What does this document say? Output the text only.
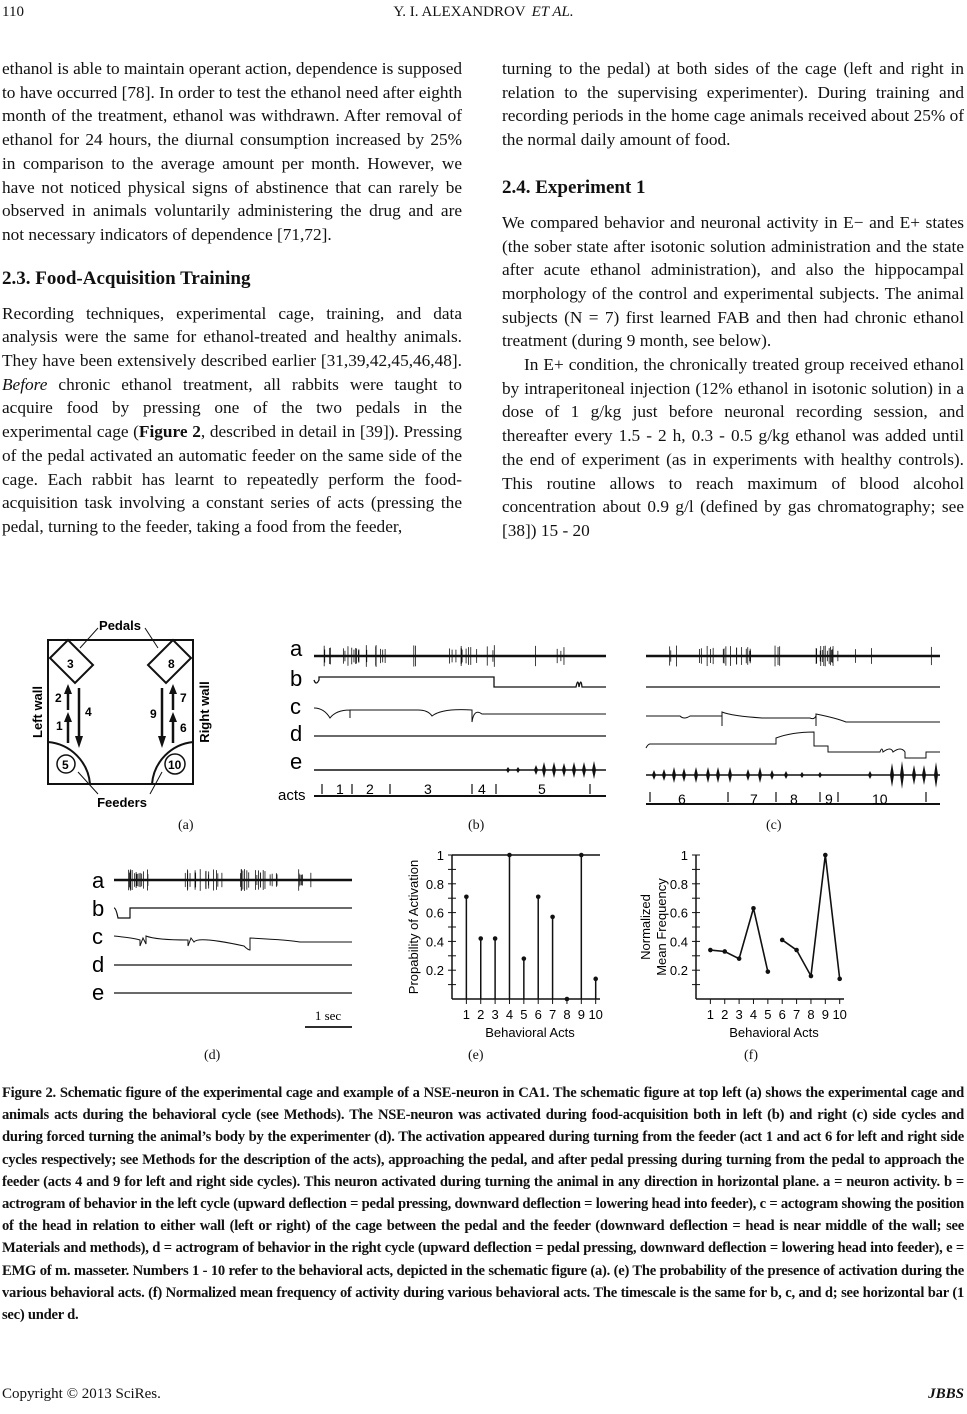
110	Y. I. ALEXANDROV ET AL.

ethanol is able to maintain operant action, dependence is supposed to have occurred [78]. In order to test the ethanol need after eighth month of the treatment, ethanol was withdrawn. After removal of ethanol for 24 hours, the diurnal consumption increased by 25% in comparison to the average amount per month. However, we have not noticed physical signs of abstinence that can rarely be observed in animals voluntarily administering the drug and are not necessary indicators of dependence [71,72].

2.3. Food-Acquisition Training

Recording techniques, experimental cage, training, and data analysis were the same for ethanol-treated and healthy animals. They have been extensively described earlier [31,39,42,45,46,48]. Before chronic ethanol treatment, all rabbits were taught to acquire food by pressing one of the two pedals in the experimental cage (Figure 2, described in detail in [39]). Pressing of the pedal activated an automatic feeder on the same side of the cage. Each rabbit has learnt to repeatedly perform the food-acquisition task involving a constant series of acts (pressing the pedal, turning to the feeder, taking a food from the feeder,

turning to the pedal) at both sides of the cage (left and right in relation to the supervising experimenter). During training and recording periods in the home cage animals received about 25% of the normal daily amount of food.

2.4. Experiment 1

We compared behavior and neuronal activity in E− and E+ states (the sober state after isotonic solution administration and the state after acute ethanol administration), and also the hippocampal morphology of the control and experimental subjects. The animal subjects (N = 7) first learned FAB and then had chronic ethanol treatment (during 9 month, see below).

In E+ condition, the chronically treated group received ethanol by intraperitoneal injection (12% ethanol in isotonic solution) in a dose of 1 g/kg just before neuronal recording session, and thereafter every 1.5 - 2 h, 0.3 - 0.5 g/kg ethanol was added until the end of experiment (as in experiments with healthy controls). This routine allows to reach maximum of blood alcohol concentration about 0.9 g/l (defined by gas chromatography; see [38]) 15 - 20

Pedals
Feeders
Left wall	Right wall
1
2
3
4
5
6
7
8
9
10
a
b
c
d
e
acts 1 2	3	4	5
6	7 8 9	10
a
b
c
d
e
1 sec
0.2
0.4
0.6
0.8
1
1 2 3 4 5 6 7 8 9 10
Behavioral Acts
Propability of Activation	0.2
0.4
0.6
0.8
1
1 2 3 4 5 6 7 8 9 10
Behavioral Acts
Normalized Mean Frequency
(a)	(b)	(c)
(d)	(e)	(f)
Figure 2. Schematic figure of the experimental cage and example of a NSE-neuron in CA1. The schematic figure at top left (a) shows the experimental cage and animals acts during the behavioral cycle (see Methods). The NSE-neuron was activated during food-acquisition both in left (b) and right (c) side cycles and during forced turning the animal’s body by the experimenter (d). The activation appeared during turning from the feeder (act 1 and act 6 for left and right side cycles respectively; see Methods for the description of the acts), approaching the pedal, and after pedal pressing during turning from the pedal to approach the feeder (acts 4 and 9 for left and right side cycles). This neuron activated during turning the animal in any direction in horizontal plane. a = neuron activity. b = actrogram of behavior in the left cycle (upward deflection = pedal pressing, downward deflection = lowering head into feeder), c = actogram showing the position of the head in relation to either wall (left or right) of the cage between the pedal and the feeder (downward deflection = head is near middle of the wall; see Materials and methods), d = actrogram of behavior in the right cycle (upward deflection = pedal pressing, downward deflection = lowering head into feeder), e = EMG of m. masseter. Numbers 1 - 10 refer to the behavioral acts, depicted in the schematic figure (a). (e) The probability of the presence of activation during the various behavioral acts. (f) Normalized mean frequency of activity during various behavioral acts. The timescale is the same for b, c, and d; see horizontal bar (1 sec) under d.
Copyright © 2013 SciRes.	JBBS
